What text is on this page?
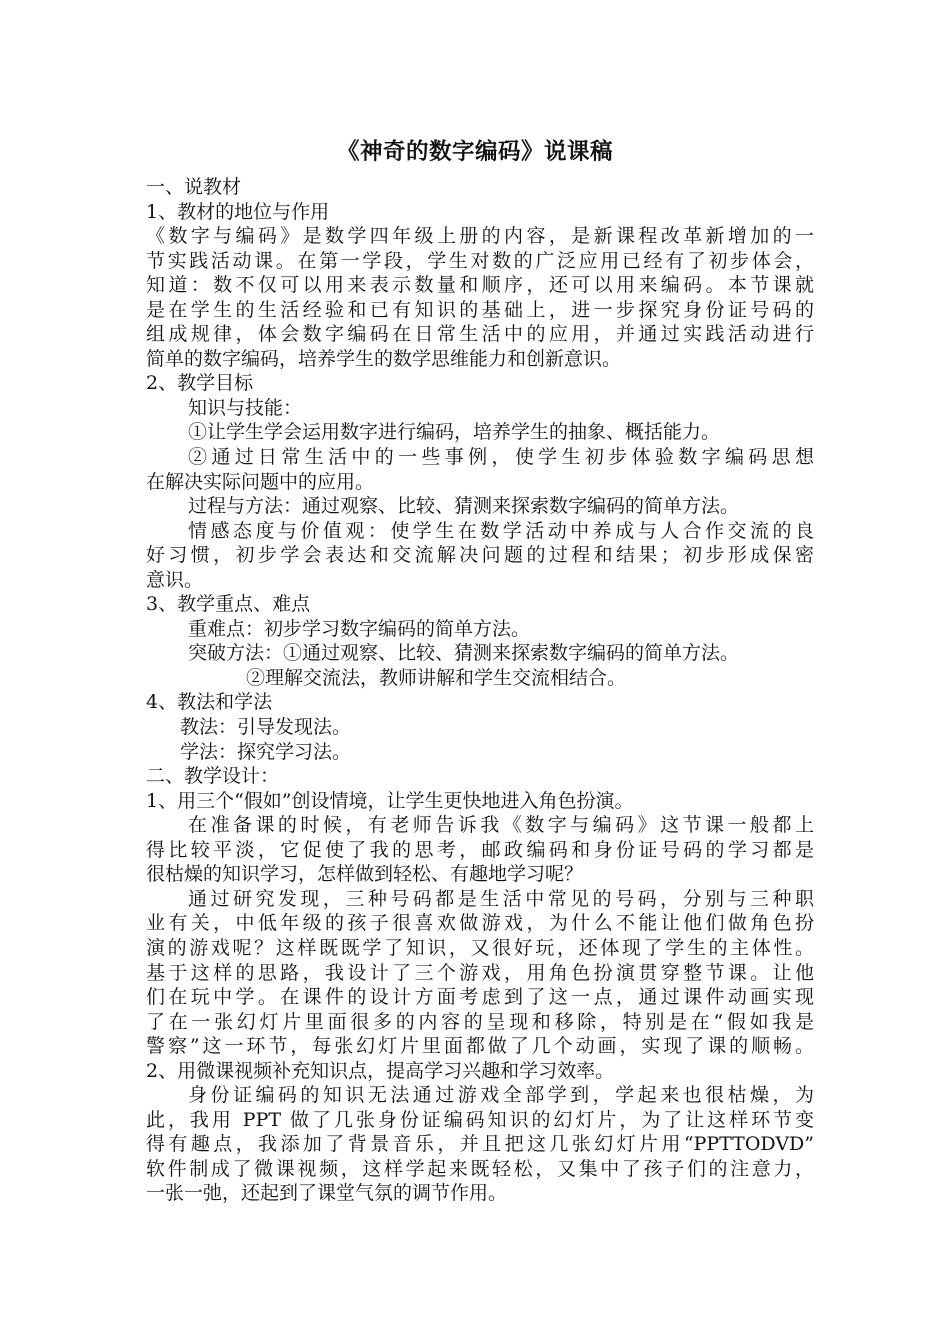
《神奇的数字编码》说课稿
一、说教材
1、教材的地位与作用
《数字与编码》是数学四年级上册的内容，是新课程改革新增加的一
节实践活动课。在第一学段，学生对数的广泛应用已经有了初步体会，
知道：数不仅可以用来表示数量和顺序，还可以用来编码。本节课就
是在学生的生活经验和已有知识的基础上，进一步探究身份证号码的
组成规律，体会数字编码在日常生活中的应用，并通过实践活动进行
简单的数字编码，培养学生的数学思维能力和创新意识。
2、教学目标
知识与技能：
①让学生学会运用数字进行编码，培养学生的抽象、概括能力。
②通过日常生活中的一些事例，使学生初步体验数字编码思想
在解决实际问题中的应用。
过程与方法：通过观察、比较、猜测来探索数字编码的简单方法。
情感态度与价值观：使学生在数学活动中养成与人合作交流的良
好习惯，初步学会表达和交流解决问题的过程和结果；初步形成保密
意识。
3、教学重点、难点
重难点：初步学习数字编码的简单方法。
突破方法：①通过观察、比较、猜测来探索数字编码的简单方法。
②理解交流法，教师讲解和学生交流相结合。
4、教法和学法
教法：引导发现法。
学法：探究学习法。
二、教学设计：
1、用三个“假如”创设情境，让学生更快地进入角色扮演。
在准备课的时候，有老师告诉我《数字与编码》这节课一般都上
得比较平淡，它促使了我的思考，邮政编码和身份证号码的学习都是
很枯燥的知识学习，怎样做到轻松、有趣地学习呢？
通过研究发现，三种号码都是生活中常见的号码，分别与三种职
业有关，中低年级的孩子很喜欢做游戏，为什么不能让他们做角色扮
演的游戏呢？这样既既学了知识，又很好玩，还体现了学生的主体性。
基于这样的思路，我设计了三个游戏，用角色扮演贯穿整节课。让他
们在玩中学。在课件的设计方面考虑到了这一点，通过课件动画实现
了在一张幻灯片里面很多的内容的呈现和移除，特别是在“假如我是
警察”这一环节，每张幻灯片里面都做了几个动画，实现了课的顺畅。
2、用微课视频补充知识点，提高学习兴趣和学习效率。
身份证编码的知识无法通过游戏全部学到，学起来也很枯燥，为
此，我用 PPT 做了几张身份证编码知识的幻灯片，为了让这样环节变
得有趣点，我添加了背景音乐，并且把这几张幻灯片用“PPTTODVD”
软件制成了微课视频，这样学起来既轻松，又集中了孩子们的注意力，
一张一弛，还起到了课堂气氛的调节作用。
